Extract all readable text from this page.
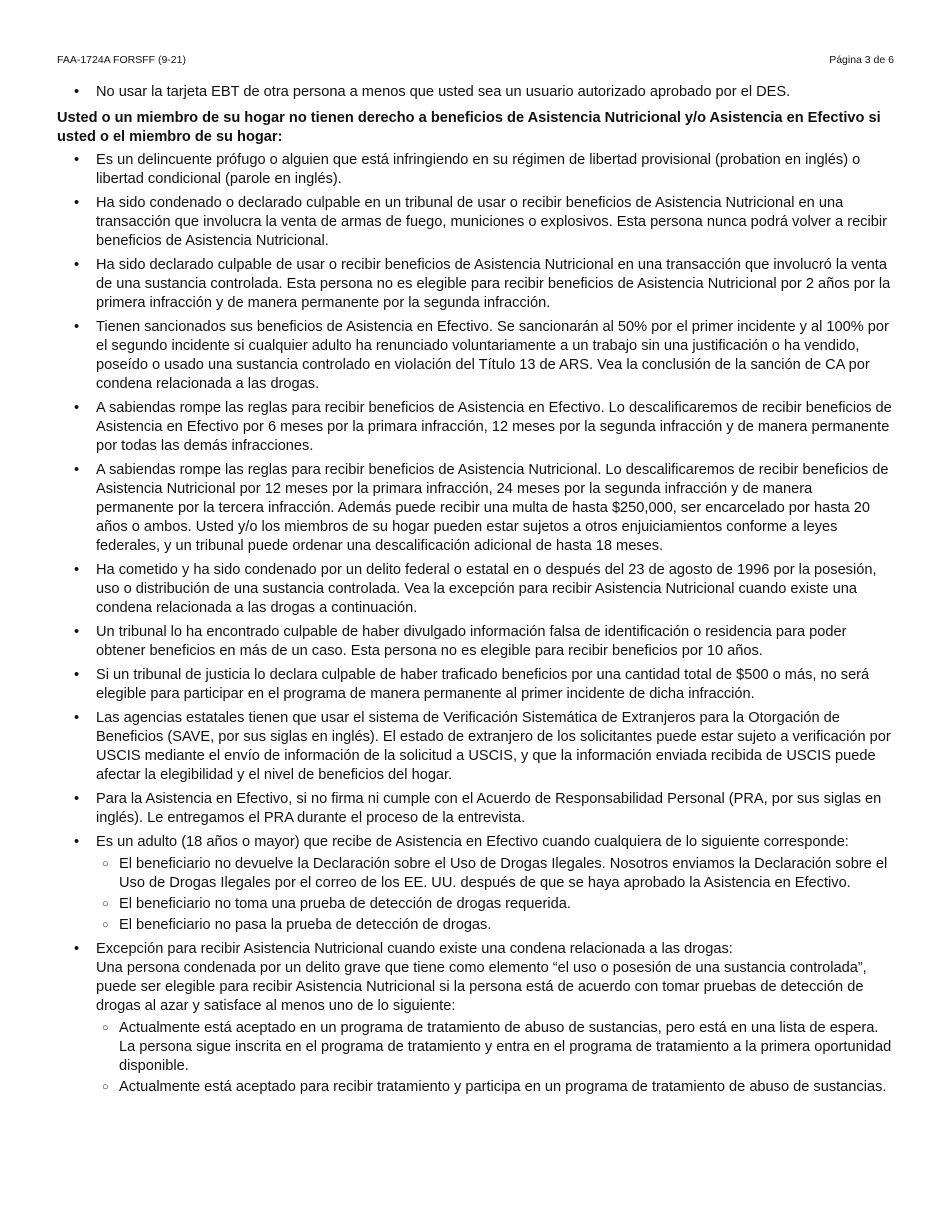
FAA-1724A FORSFF (9-21)	Página 3 de 6
• No usar la tarjeta EBT de otra persona a menos que usted sea un usuario autorizado aprobado por el DES.

Usted o un miembro de su hogar no tienen derecho a beneficios de Asistencia Nutricional y/o Asistencia en Efectivo si usted o el miembro de su hogar:

• Es un delincuente prófugo o alguien que está infringiendo en su régimen de libertad provisional (probation en inglés) o libertad condicional (parole en inglés).
• Ha sido condenado o declarado culpable en un tribunal de usar o recibir beneficios de Asistencia Nutricional en una transacción que involucra la venta de armas de fuego, municiones o explosivos. Esta persona nunca podrá volver a recibir beneficios de Asistencia Nutricional.
• Ha sido declarado culpable de usar o recibir beneficios de Asistencia Nutricional en una transacción que involucró la venta de una sustancia controlada. Esta persona no es elegible para recibir beneficios de Asistencia Nutricional por 2 años por la primera infracción y de manera permanente por la segunda infracción.
• Tienen sancionados sus beneficios de Asistencia en Efectivo. Se sancionarán al 50% por el primer incidente y al 100% por el segundo incidente si cualquier adulto ha renunciado voluntariamente a un trabajo sin una justificación o ha vendido, poseído o usado una sustancia controlado en violación del Título 13 de ARS. Vea la conclusión de la sanción de CA por condena relacionada a las drogas.
• A sabiendas rompe las reglas para recibir beneficios de Asistencia en Efectivo. Lo descalificaremos de recibir beneficios de Asistencia en Efectivo por 6 meses por la primara infracción, 12 meses por la segunda infracción y de manera permanente por todas las demás infracciones.
• A sabiendas rompe las reglas para recibir beneficios de Asistencia Nutricional. Lo descalificaremos de recibir beneficios de Asistencia Nutricional por 12 meses por la primara infracción, 24 meses por la segunda infracción y de manera permanente por la tercera infracción. Además puede recibir una multa de hasta $250,000, ser encarcelado por hasta 20 años o ambos. Usted y/o los miembros de su hogar pueden estar sujetos a otros enjuiciamientos conforme a leyes federales, y un tribunal puede ordenar una descalificación adicional de hasta 18 meses.
• Ha cometido y ha sido condenado por un delito federal o estatal en o después del 23 de agosto de 1996 por la posesión, uso o distribución de una sustancia controlada. Vea la excepción para recibir Asistencia Nutricional cuando existe una condena relacionada a las drogas a continuación.
• Un tribunal lo ha encontrado culpable de haber divulgado información falsa de identificación o residencia para poder obtener beneficios en más de un caso. Esta persona no es elegible para recibir beneficios por 10 años.
• Si un tribunal de justicia lo declara culpable de haber traficado beneficios por una cantidad total de $500 o más, no será elegible para participar en el programa de manera permanente al primer incidente de dicha infracción.
• Las agencias estatales tienen que usar el sistema de Verificación Sistemática de Extranjeros para la Otorgación de Beneficios (SAVE, por sus siglas en inglés). El estado de extranjero de los solicitantes puede estar sujeto a verificación por USCIS mediante el envío de información de la solicitud a USCIS, y que la información enviada recibida de USCIS puede afectar la elegibilidad y el nivel de beneficios del hogar.
• Para la Asistencia en Efectivo, si no firma ni cumple con el Acuerdo de Responsabilidad Personal (PRA, por sus siglas en inglés). Le entregamos el PRA durante el proceso de la entrevista.
• Es un adulto (18 años o mayor) que recibe de Asistencia en Efectivo cuando cualquiera de lo siguiente corresponde:
○ El beneficiario no devuelve la Declaración sobre el Uso de Drogas Ilegales. Nosotros enviamos la Declaración sobre el Uso de Drogas Ilegales por el correo de los EE. UU. después de que se haya aprobado la Asistencia en Efectivo.
○ El beneficiario no toma una prueba de detección de drogas requerida.
○ El beneficiario no pasa la prueba de detección de drogas.
• Excepción para recibir Asistencia Nutricional cuando existe una condena relacionada a las drogas:
Una persona condenada por un delito grave que tiene como elemento “el uso o posesión de una sustancia controlada”, puede ser elegible para recibir Asistencia Nutricional si la persona está de acuerdo con tomar pruebas de detección de drogas al azar y satisface al menos uno de lo siguiente:
○ Actualmente está aceptado en un programa de tratamiento de abuso de sustancias, pero está en una lista de espera. La persona sigue inscrita en el programa de tratamiento y entra en el programa de tratamiento a la primera oportunidad disponible.
○ Actualmente está aceptado para recibir tratamiento y participa en un programa de tratamiento de abuso de sustancias.
